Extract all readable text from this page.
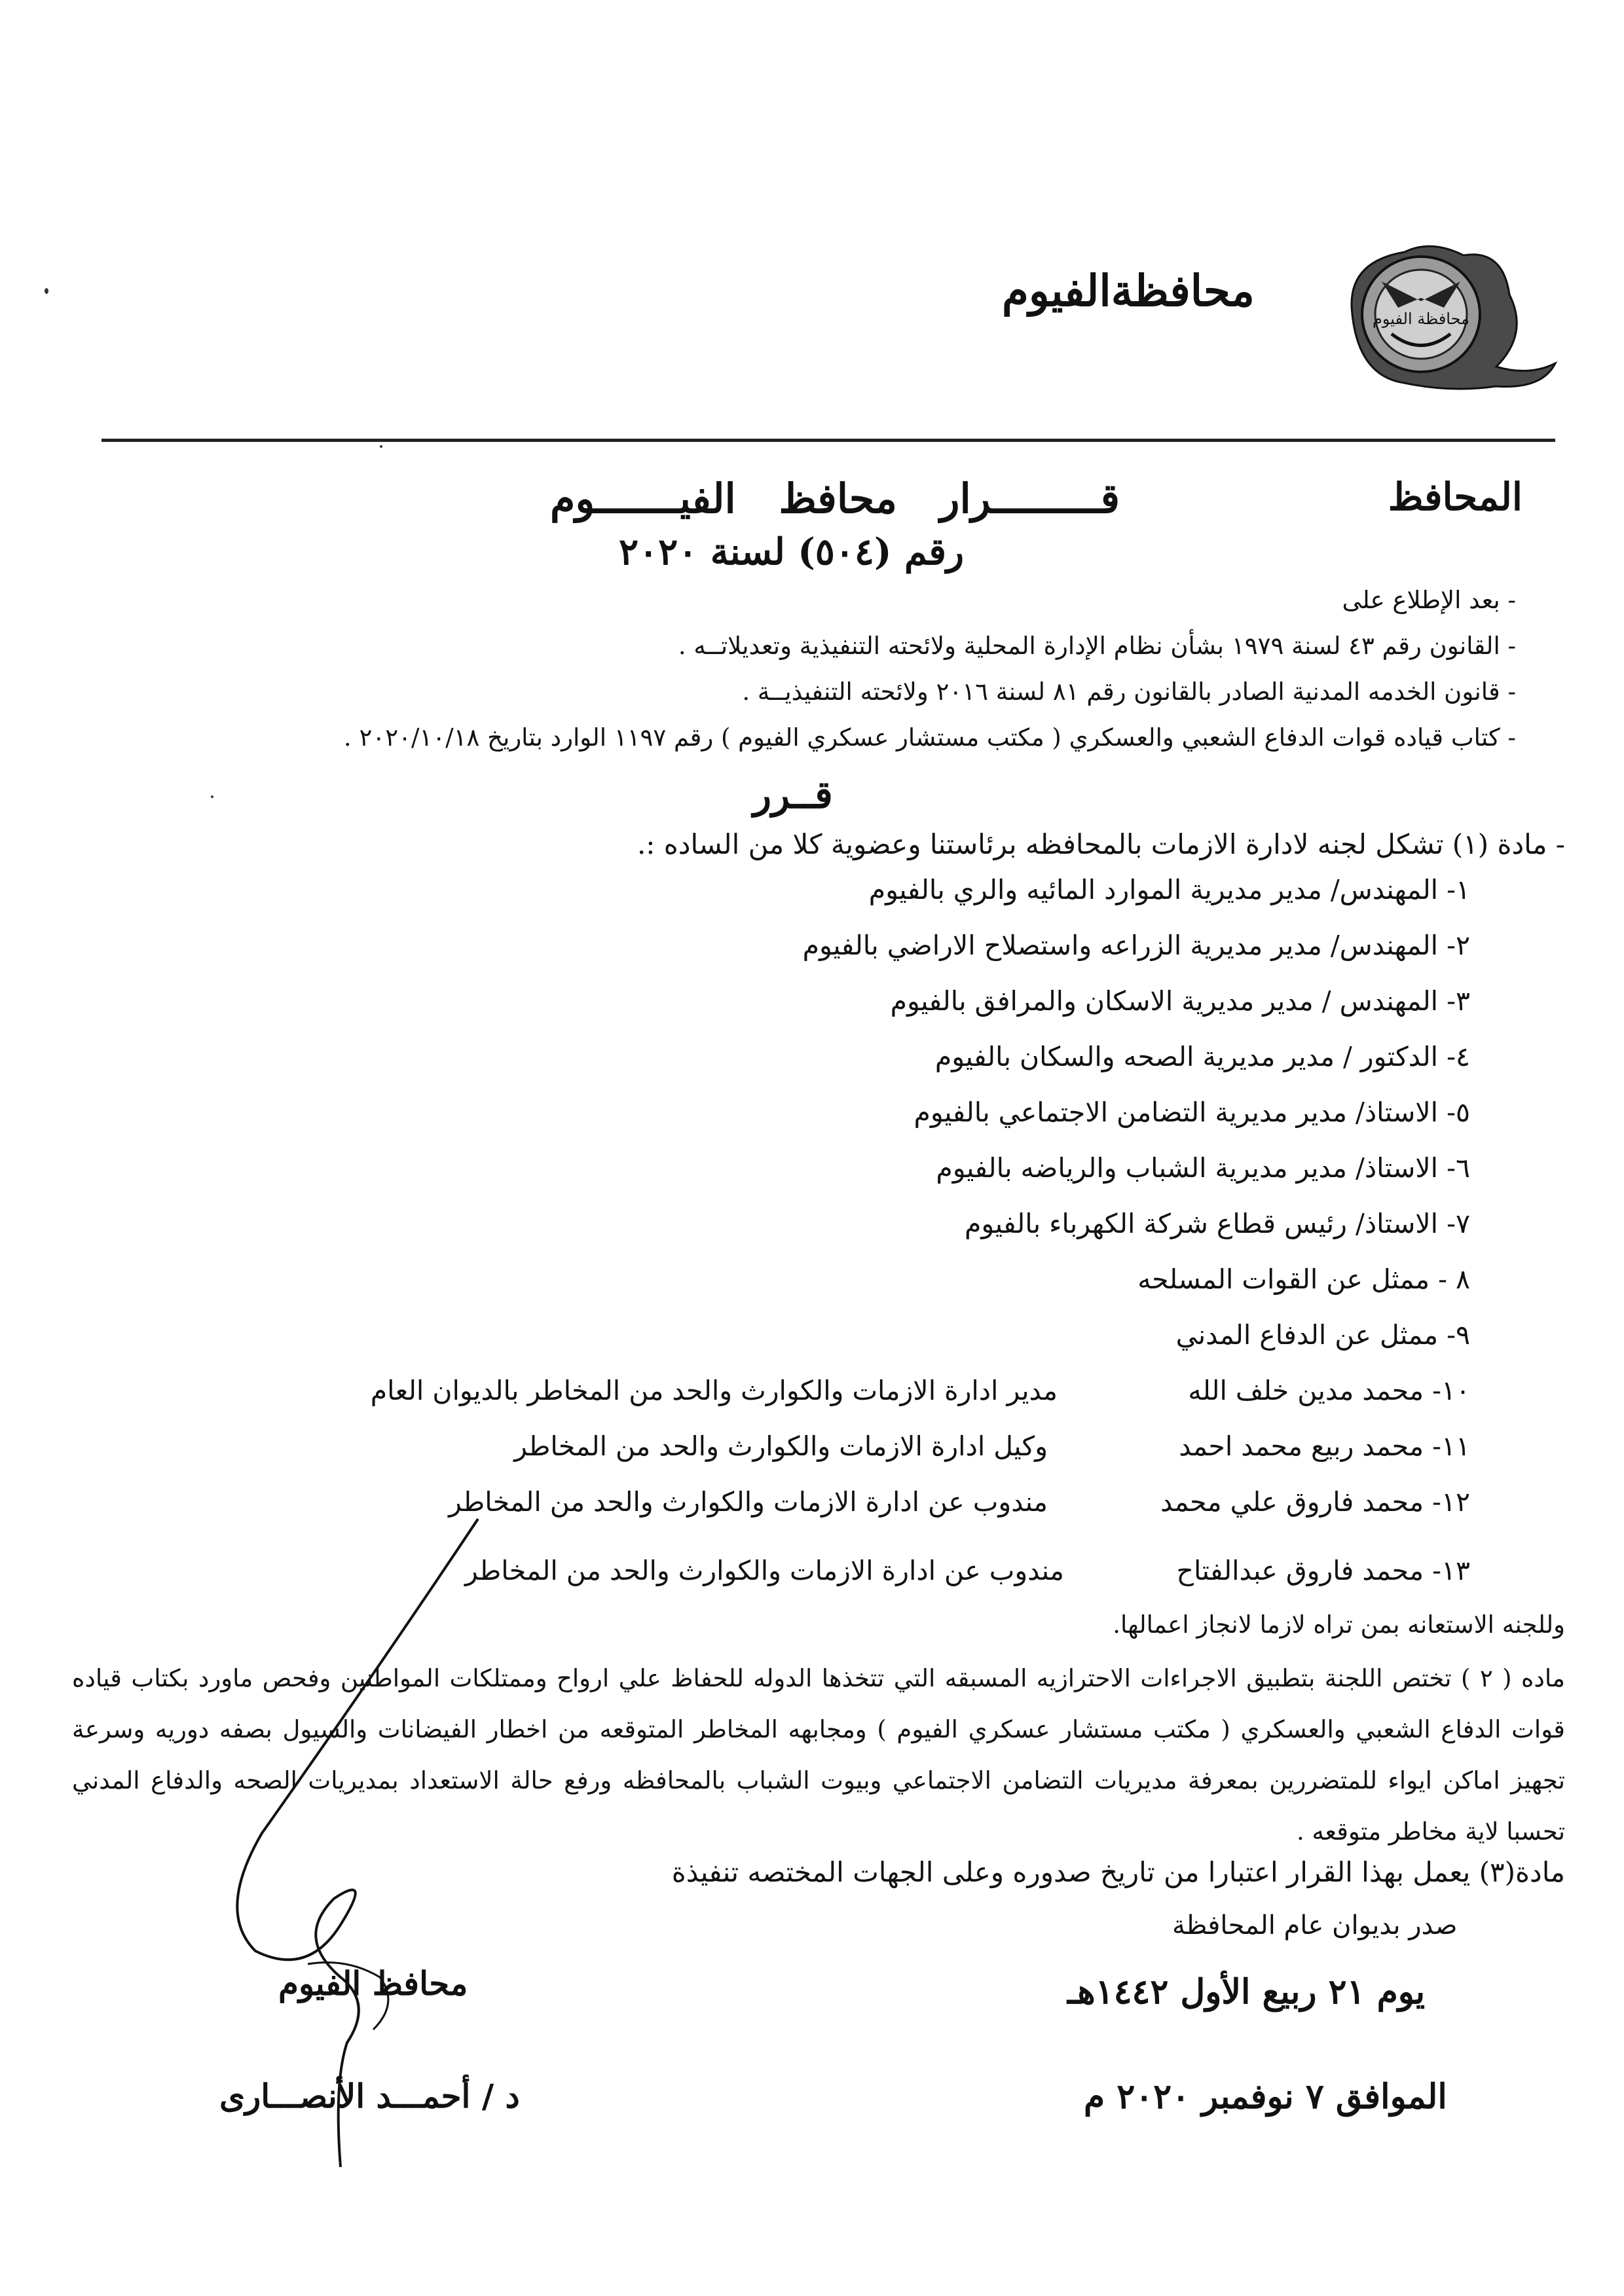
محافظة الفيوم
محافظةالفيوم
المحافظ
قـــــــــرار
محافظ
الفيـــــــوم
رقم (٥٠٤) لسنة ٢٠٢٠
- بعد الإطلاع على
- القانون رقم ٤٣ لسنة ١٩٧٩ بشأن نظام الإدارة المحلية ولائحته التنفيذية وتعديلاتــه .
- قانون الخدمه المدنية الصادر بالقانون رقم ٨١ لسنة ٢٠١٦ ولائحته التنفيذيــة .
- كتاب قياده قوات الدفاع الشعبي والعسكري ( مكتب مستشار عسكري الفيوم ) رقم ١١٩٧ الوارد بتاريخ ٢٠٢٠/١٠/١٨ .
قــرر
- مادة (١) تشكل لجنه لادارة الازمات بالمحافظه برئاستنا وعضوية كلا من الساده :.
١- المهندس/ مدير مديرية الموارد المائيه والري بالفيوم
٢- المهندس/ مدير مديرية الزراعه واستصلاح الاراضي بالفيوم
٣- المهندس / مدير مديرية الاسكان والمرافق بالفيوم
٤- الدكتور / مدير مديرية الصحه والسكان بالفيوم
٥- الاستاذ/ مدير مديرية التضامن الاجتماعي بالفيوم
٦- الاستاذ/ مدير مديرية الشباب والرياضه بالفيوم
٧- الاستاذ/ رئيس قطاع شركة الكهرباء بالفيوم
٨ - ممثل عن القوات المسلحه
٩- ممثل عن الدفاع المدني
١٠- محمد مدين خلف الله
مدير ادارة الازمات والكوارث والحد من المخاطر بالديوان العام
١١- محمد ربيع محمد احمد
وكيل ادارة الازمات والكوارث والحد من المخاطر
١٢- محمد فاروق علي محمد
مندوب عن ادارة الازمات والكوارث والحد من المخاطر
١٣- محمد فاروق عبدالفتاح
مندوب عن ادارة الازمات والكوارث والحد من المخاطر
وللجنه الاستعانه بمن تراه لازما لانجاز اعمالها.
ماده ( ٢ ) تختص اللجنة بتطبيق الاجراءات الاحترازيه المسبقه التي تتخذها الدوله للحفاظ علي ارواح وممتلكات المواطنين وفحص ماورد بكتاب قياده قوات الدفاع الشعبي والعسكري ( مكتب مستشار عسكري الفيوم ) ومجابهه المخاطر المتوقعه من اخطار الفيضانات والسيول بصفه دوريه وسرعة تجهيز اماكن ايواء للمتضررين بمعرفة مديريات التضامن الاجتماعي وبيوت الشباب بالمحافظه ورفع حالة الاستعداد بمديريات الصحه والدفاع المدني تحسبا لاية مخاطر متوقعه .
مادة(٣) يعمل بهذا القرار اعتبارا من تاريخ صدوره وعلى الجهات المختصه تنفيذة
صدر بديوان عام المحافظة
يوم ٢١ ربيع الأول ١٤٤٢هـ
الموافق ٧ نوفمبر ٢٠٢٠ م
محافظ الفيوم
د / أحمـــد الأنصـــارى
